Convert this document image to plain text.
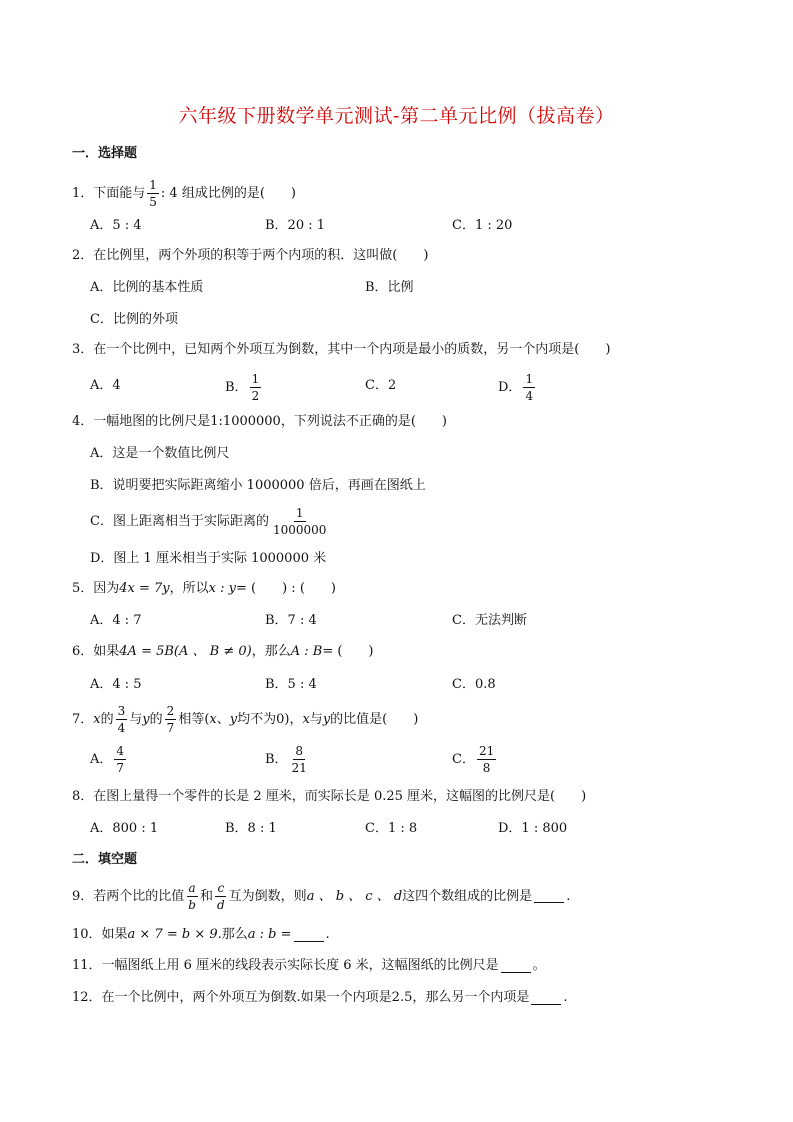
六年级下册数学单元测试-第二单元比例（拔高卷）
一．选择题
1．下面能与 $\frac{1}{5}$ : 4 组成比例的是(　　)
A．5 : 4	B．20 : 1	C．1 : 20
2．在比例里，两个外项的积等于两个内项的积．这叫做(　　)
A．比例的基本性质	B．比例
C．比例的外项
3．在一个比例中，已知两个外项互为倒数，其中一个内项是最小的质数，另一个内项是(　　)
A．4	B． $\frac{1}{2}$	C．2	D． $\frac{1}{4}$
4．一幅地图的比例尺是1:1000000，下列说法不正确的是(　　)
A．这是一个数值比例尺
B．说明要把实际距离缩小 1000000 倍后，再画在图纸上
C．图上距离相当于实际距离的 $\frac{1}{1000000}$
D．图上 1 厘米相当于实际 1000000 米
5．因为 4x = 7y ，所以 x : y = (　　) : (　　)
A．4 : 7	B．7 : 4	C．无法判断
6．如果 4A = 5B(A 、 B ≠ 0) ，那么 A : B = (　　)
A．4 : 5	B．5 : 4	C．0.8
7． x 的 $\frac{3}{4}$ 与 y 的 $\frac{2}{7}$ 相等( x 、 y 均不为0)， x 与 y 的比值是(　　)
A． $\frac{4}{7}$	B． $\frac{8}{21}$	C． $\frac{21}{8}$
8．在图上量得一个零件的长是 2 厘米，而实际长是 0.25 厘米，这幅图的比例尺是(　　)
A．800 : 1	B．8 : 1	C．1 : 8	D．1 : 800
二．填空题
9．若两个比的比值 $\frac{a}{b}$ 和 $\frac{c}{d}$ 互为倒数，则 a 、 b 、 c 、 d 这四个数组成的比例是	.
10．如果 a × 7 = b × 9. 那么 a : b =	.
11．一幅图纸上用 6 厘米的线段表示实际长度 6 米，这幅图纸的比例尺是	。
12．在一个比例中，两个外项互为倒数.如果一个内项是2.5，那么另一个内项是	.
